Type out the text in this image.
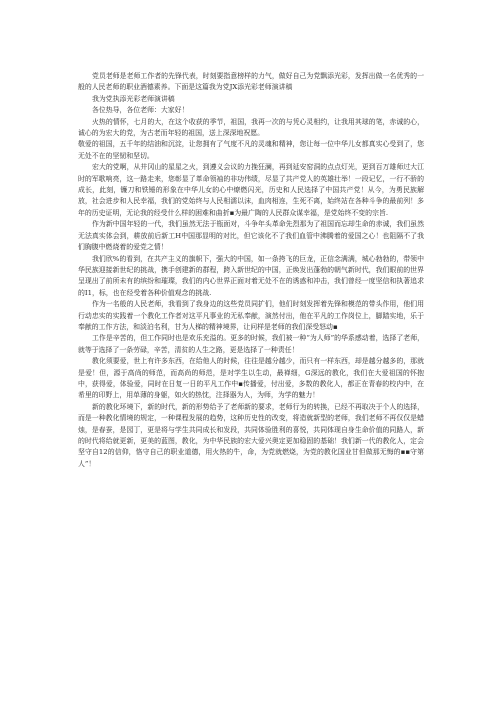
党员老师是老师工作者的先锋代表，时刻要指意榜样的力气，做好自己为党飘添光彩，发挥出做一名优秀的一般的人民老师的职业酒德素养。下面是这篇我为党JX添光彩老师演讲稿

我为党执添光彩老师演讲稿

各位热导，各位老师：大家好！

火热的情怀，七月的大，在这个收获的季节，祖国，我再一次的与凭心灵相约，让我用其球的笔，赤诚的心，诚心的为宏大的党，为古老而年轻的祖国，送上深深地祝愿。

敬爱的祖国，五千年的结油和沉淀，让您拥有了气度不凡的灵魂和精神，您让每一位中华儿女都真实心受到了，您无处不在的坚韧和坚切。

宏大的党啊，从井冈山的星星之火，到遵义会议的力挽狂澜，再到延安窑洞的点点灯光，更到百万雄师过大江时的军歌响亮，这一路走来，您彰显了革命领袖的非功伟绩，尽显了共产党人的英雄壮举！一段记忆，一行不骄的成长，此刻，镰刀和铁锤的形象在中华儿女的心中燎燃闪光，历史和人民选择了中国共产党！从今，为勇民族解放，社会进步和人民幸福，我们的党始终与人民相濡以沫，血肉相连，生死不离，始终站在各种斗争的最前列！多年的历史证明，无论我的经受什么样的困难和曲折▪为最广陶的人民群众谋幸福，是党始终不变的宗旨.

作为新中国年轻的一代，我们虽然无法于瓶面对，斗争年头革命先烈那为了祖国而忘却生命的赤诚，我们虽然无法真实体会到，耕放前后新工H中国那显明的对比，但它该化不了我们血管中沸腾着的爱国之心！也阻隔不了我们胸腹中燃烧着的爱党之情！

我们欣%的看到，在共产主义的旗帜下，强大的中国，如一条挎飞的巨龙，正信念满满，城心勃勃的，带领中华民族迎接新世纪的挑战，携手创建新的群程，跨入新世纪的中国，正焕发出蓬勃的朝气新时代，我们眼前的世界呈现出了前所未有的缤纷和璀璨，我们的内心世界正面对着无处不在的诱惑和冲击，我们曾经一度坚信和执著追求的I1，标，也在经受着各种价值观念的挑战.

作为一名般的人民老师，我看到了我身边的这些党员同扩们，他们时刻发挥着先锋和模范的带头作用，他们用行动忠实的实践着一个教化工作者对这平凡事业的无私奉献，演然付出，他在平凡的工作岗位上，脚踏实地，乐于奉献的工作方法，和淡泊名利，甘为人梯的精神境界，让问样是老师的我们深受怒动▪

工作是辛苦的，但工作同时也是欢乐充溢的。更多的时候，我们被一种“为人师”的华系感动着，选择了老师，就等于选择了一条劳碌，辛苦，清贫的人生之路，更是选择了一种责任！

教化须要爱，世上有许多东西，在给他人的时候，往往是越分越少，而只有一样东西，却是越分越多的，那就是爱！但，源于高尚的师范，而高尚的师范，是对学生以生动，最禅细，G深远的教化，我们在大爱祖国的怀抱中，获得爱，体验爱，同时在日复一日的平凡工作中▪传播爱，付出爱，多数的教化人，都正在青春的校内中，在希里的印野上，用单薄的身躯，如火的热忱，注择器为人，为师，为学的魅力！

新的教化环境下，新的时代，新的形势给予了老师新的要求，老师行为的转换，已经不再取决于个人的选择，而是一种教化情境的规定，一种课程发展的趋势，这种历史性的改变，将造就新型的老师，我们老师不再仅仅是蜡烛，是春蚕，是园丁，更是将与学生共同成长和发段，共同体验胜利的喜悦，共同体现自身生命价值的同路人，新的时代将给就更新，更美的蓝图，教化，为中华民族的宏大爱兴奥定更加稳固的基础！我们新一代的教化人，定会坚守自12的信仰，恪守自己的职业道德，用火热的牛，命，为党就燃烧，为党的教化国业甘但做那无悔的▪▪守第人”！
